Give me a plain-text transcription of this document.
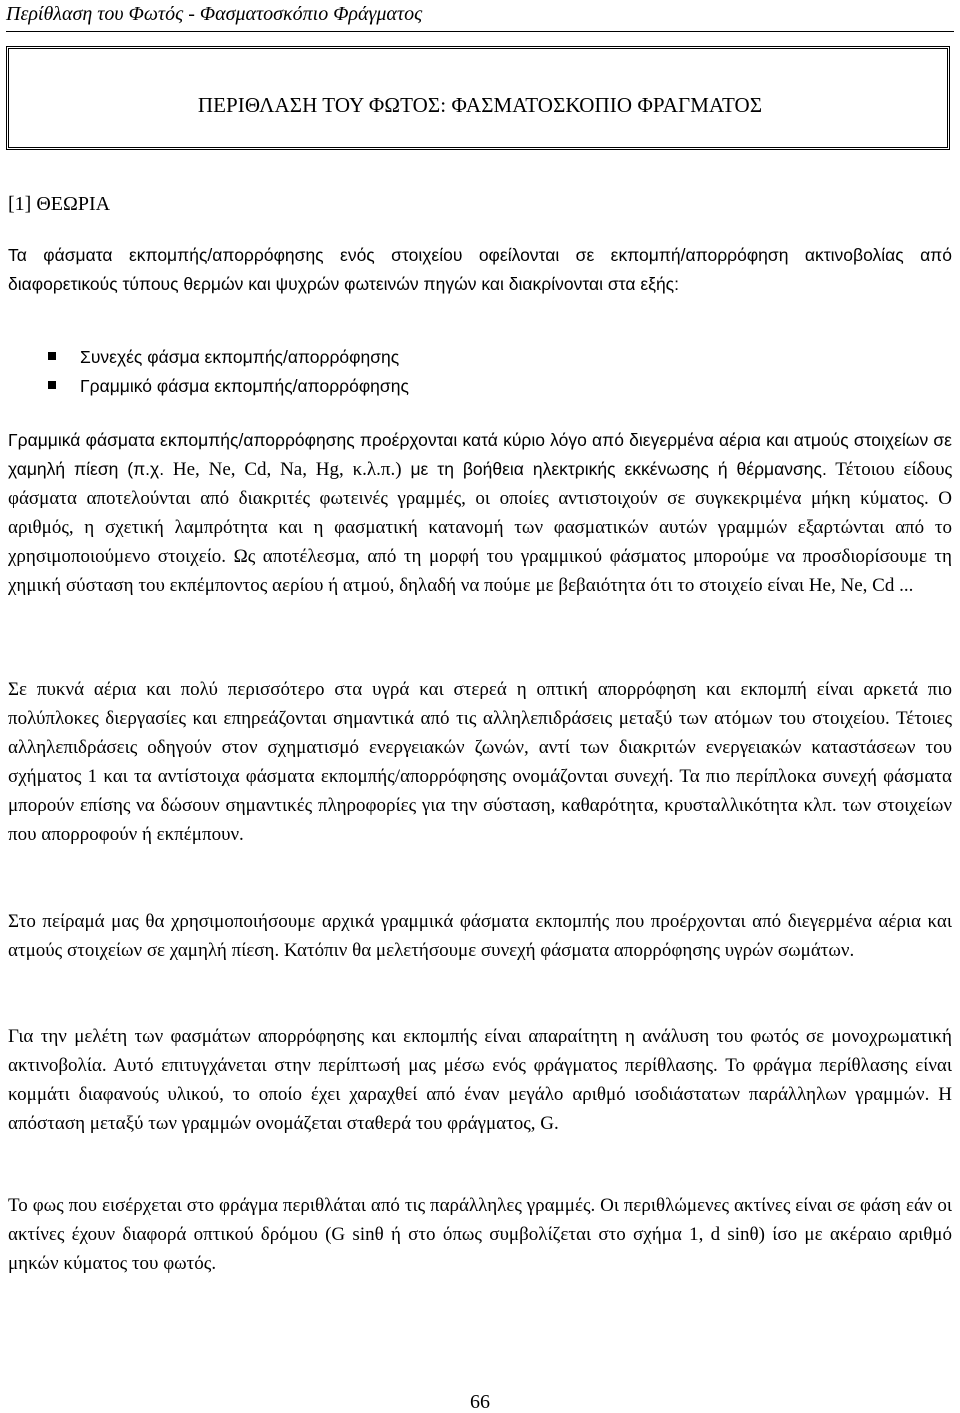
Περίθλαση του Φωτός - Φασματοσκόπιο Φράγματος
ΠΕΡΙΘΛΑΣΗ ΤΟΥ ΦΩΤΟΣ: ΦΑΣΜΑΤΟΣΚΟΠΙΟ ΦΡΑΓΜΑΤΟΣ
[1] ΘΕΩΡΙΑ

Τα φάσματα εκπομπής/απορρόφησης ενός στοιχείου οφείλονται σε εκπομπή/απορρόφηση ακτινοβολίας από διαφορετικούς τύπους θερμών και ψυχρών φωτεινών πηγών και διακρίνονται στα εξής:

Συνεχές φάσμα εκπομπής/απορρόφησης
Γραμμικό φάσμα εκπομπής/απορρόφησης

Γραμμικά φάσματα εκπομπής/απορρόφησης προέρχονται κατά κύριο λόγο από διεγερμένα αέρια και ατμούς στοιχείων σε χαμηλή πίεση (π.χ. He, Ne, Cd, Na, Hg, κ.λ.π.) με τη βοήθεια ηλεκτρικής εκκένωσης ή θέρμανσης. Τέτοιου είδους φάσματα αποτελούνται από διακριτές φωτεινές γραμμές, οι οποίες αντιστοιχούν σε συγκεκριμένα μήκη κύματος. Ο αριθμός, η σχετική λαμπρότητα και η φασματική κατανομή των φασματικών αυτών γραμμών εξαρτώνται από το χρησιμοποιούμενο στοιχείο. Ως αποτέλεσμα, από τη μορφή του γραμμικού φάσματος μπορούμε να προσδιορίσουμε τη χημική σύσταση του εκπέμποντος αερίου ή ατμού, δηλαδή να πούμε με βεβαιότητα ότι το στοιχείο είναι He, Ne, Cd ...

Σε πυκνά αέρια και πολύ περισσότερο στα υγρά και στερεά η οπτική απορρόφηση και εκπομπή είναι αρκετά πιο πολύπλοκες διεργασίες και επηρεάζονται σημαντικά από τις αλληλεπιδράσεις μεταξύ των ατόμων του στοιχείου. Τέτοιες αλληλεπιδράσεις οδηγούν στον σχηματισμό ενεργειακών ζωνών, αντί των διακριτών ενεργειακών καταστάσεων του σχήματος 1 και τα αντίστοιχα φάσματα εκπομπής/απορρόφησης ονομάζονται συνεχή. Τα πιο περίπλοκα συνεχή φάσματα μπορούν επίσης να δώσουν σημαντικές πληροφορίες για την σύσταση, καθαρότητα, κρυσταλλικότητα κλπ. των στοιχείων που απορροφούν ή εκπέμπουν.

Στο πείραμά μας θα χρησιμοποιήσουμε αρχικά γραμμικά φάσματα εκπομπής που προέρχονται από διεγερμένα αέρια και ατμούς στοιχείων σε χαμηλή πίεση. Κατόπιν θα μελετήσουμε συνεχή φάσματα απορρόφησης υγρών σωμάτων.

Για την μελέτη των φασμάτων απορρόφησης και εκπομπής είναι απαραίτητη η ανάλυση του φωτός σε μονοχρωματική ακτινοβολία. Αυτό επιτυγχάνεται στην περίπτωσή μας μέσω ενός φράγματος περίθλασης. Το φράγμα περίθλασης είναι κομμάτι διαφανούς υλικού, το οποίο έχει χαραχθεί από έναν μεγάλο αριθμό ισοδιάστατων παράλληλων γραμμών. Η απόσταση μεταξύ των γραμμών ονομάζεται σταθερά του φράγματος, G.

Το φως που εισέρχεται στο φράγμα περιθλάται από τις παράλληλες γραμμές. Οι περιθλώμενες ακτίνες είναι σε φάση εάν οι ακτίνες έχουν διαφορά οπτικού δρόμου (G sinθ ή στο όπως συμβολίζεται στο σχήμα 1, d sinθ) ίσο με ακέραιο αριθμό μηκών κύματος του φωτός.

66
